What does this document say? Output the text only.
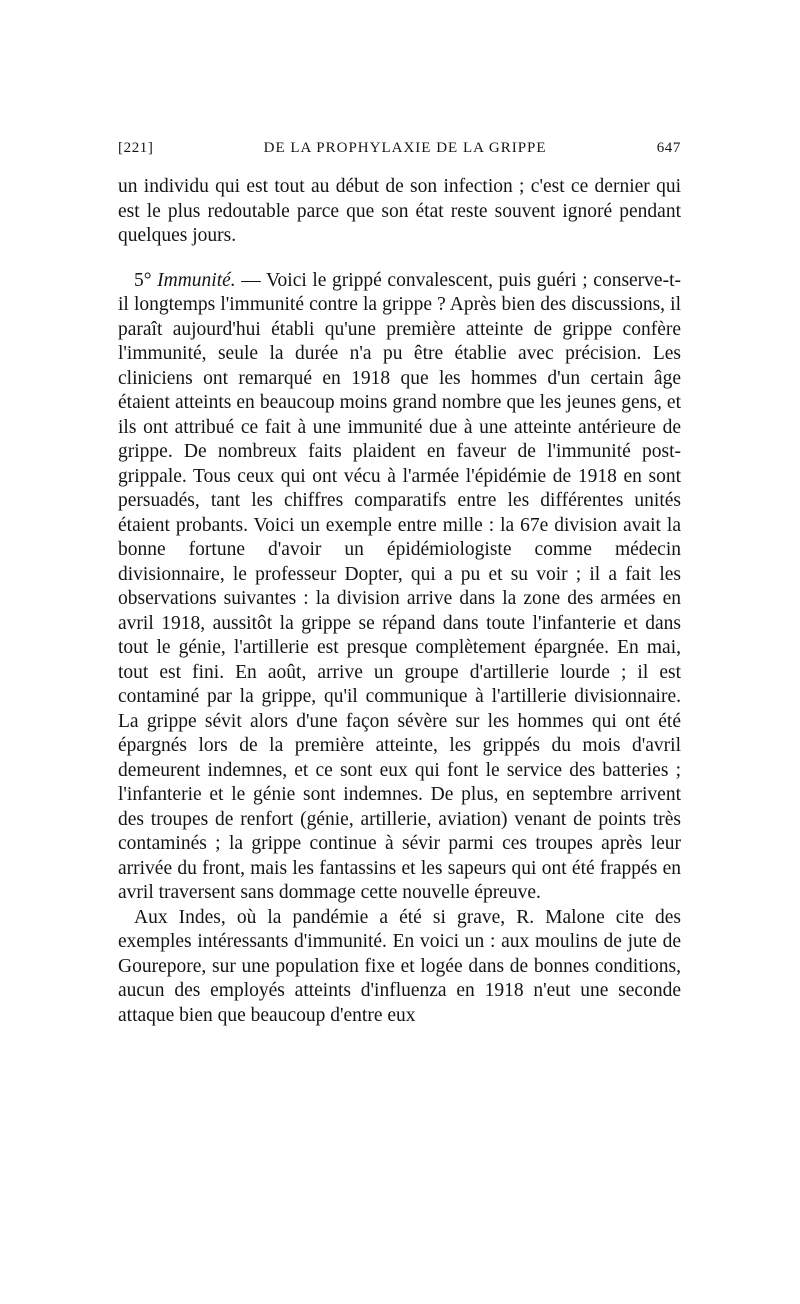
[221]	DE LA PROPHYLAXIE DE LA GRIPPE	647

un individu qui est tout au début de son infection ; c'est ce dernier qui est le plus redoutable parce que son état reste souvent ignoré pendant quelques jours.

5° Immunité. — Voici le grippé convalescent, puis guéri ; conserve-t-il longtemps l'immunité contre la grippe ? Après bien des discussions, il paraît aujourd'hui établi qu'une première atteinte de grippe confère l'immunité, seule la durée n'a pu être établie avec précision. Les cliniciens ont remarqué en 1918 que les hommes d'un certain âge étaient atteints en beaucoup moins grand nombre que les jeunes gens, et ils ont attribué ce fait à une immunité due à une atteinte antérieure de grippe. De nombreux faits plaident en faveur de l'immunité post-grippale. Tous ceux qui ont vécu à l'armée l'épidémie de 1918 en sont persuadés, tant les chiffres comparatifs entre les différentes unités étaient probants. Voici un exemple entre mille : la 67e division avait la bonne fortune d'avoir un épidémiologiste comme médecin divisionnaire, le professeur Dopter, qui a pu et su voir ; il a fait les observations suivantes : la division arrive dans la zone des armées en avril 1918, aussitôt la grippe se répand dans toute l'infanterie et dans tout le génie, l'artillerie est presque complètement épargnée. En mai, tout est fini. En août, arrive un groupe d'artillerie lourde ; il est contaminé par la grippe, qu'il communique à l'artillerie divisionnaire. La grippe sévit alors d'une façon sévère sur les hommes qui ont été épargnés lors de la première atteinte, les grippés du mois d'avril demeurent indemnes, et ce sont eux qui font le service des batteries ; l'infanterie et le génie sont indemnes. De plus, en septembre arrivent des troupes de renfort (génie, artillerie, aviation) venant de points très contaminés ; la grippe continue à sévir parmi ces troupes après leur arrivée du front, mais les fantassins et les sapeurs qui ont été frappés en avril traversent sans dommage cette nouvelle épreuve.

Aux Indes, où la pandémie a été si grave, R. Malone cite des exemples intéressants d'immunité. En voici un : aux moulins de jute de Gourepore, sur une population fixe et logée dans de bonnes conditions, aucun des employés atteints d'influenza en 1918 n'eut une seconde attaque bien que beaucoup d'entre eux
